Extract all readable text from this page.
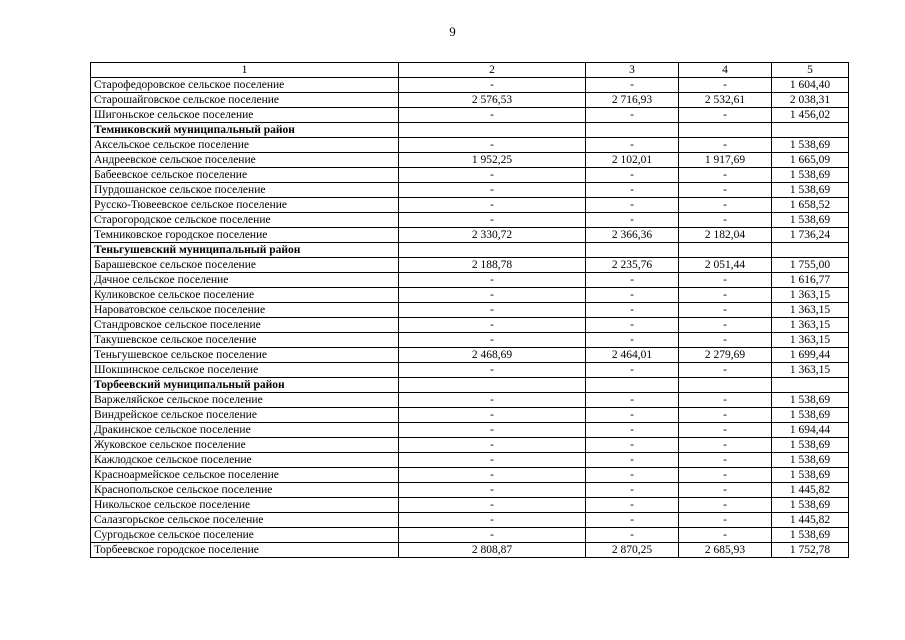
9
1	2	3	4	5
Старофедоровское сельское поселение	-	-	-	1 604,40
Старошайговское сельское поселение	2 576,53	2 716,93	2 532,61	2 038,31
Шигоньское сельское поселение	-	-	-	1 456,02
Темниковский муниципальный район				
Аксельское сельское поселение	-	-	-	1 538,69
Андреевское сельское поселение	1 952,25	2 102,01	1 917,69	1 665,09
Бабеевское сельское поселение	-	-	-	1 538,69
Пурдошанское сельское поселение	-	-	-	1 538,69
Русско-Тювеевское сельское поселение	-	-	-	1 658,52
Старогородское сельское поселение	-	-	-	1 538,69
Темниковское городское поселение	2 330,72	2 366,36	2 182,04	1 736,24
Теньгушевский муниципальный район				
Барашевское сельское поселение	2 188,78	2 235,76	2 051,44	1 755,00
Дачное сельское поселение	-	-	-	1 616,77
Куликовское сельское поселение	-	-	-	1 363,15
Нароватовское сельское поселение	-	-	-	1 363,15
Стандровское сельское поселение	-	-	-	1 363,15
Такушевское сельское поселение	-	-	-	1 363,15
Теньгушевское сельское поселение	2 468,69	2 464,01	2 279,69	1 699,44
Шокшинское сельское поселение	-	-	-	1 363,15
Торбеевский муниципальный район				
Варжеляйское сельское поселение	-	-	-	1 538,69
Виндрейское сельское поселение	-	-	-	1 538,69
Дракинское сельское поселение	-	-	-	1 694,44
Жуковское сельское поселение	-	-	-	1 538,69
Кажлодское сельское поселение	-	-	-	1 538,69
Красноармейское сельское поселение	-	-	-	1 538,69
Краснопольское сельское поселение	-	-	-	1 445,82
Никольское сельское поселение	-	-	-	1 538,69
Салазгорьское сельское поселение	-	-	-	1 445,82
Сургодьское сельское поселение	-	-	-	1 538,69
Торбеевское городское поселение	2 808,87	2 870,25	2 685,93	1 752,78
